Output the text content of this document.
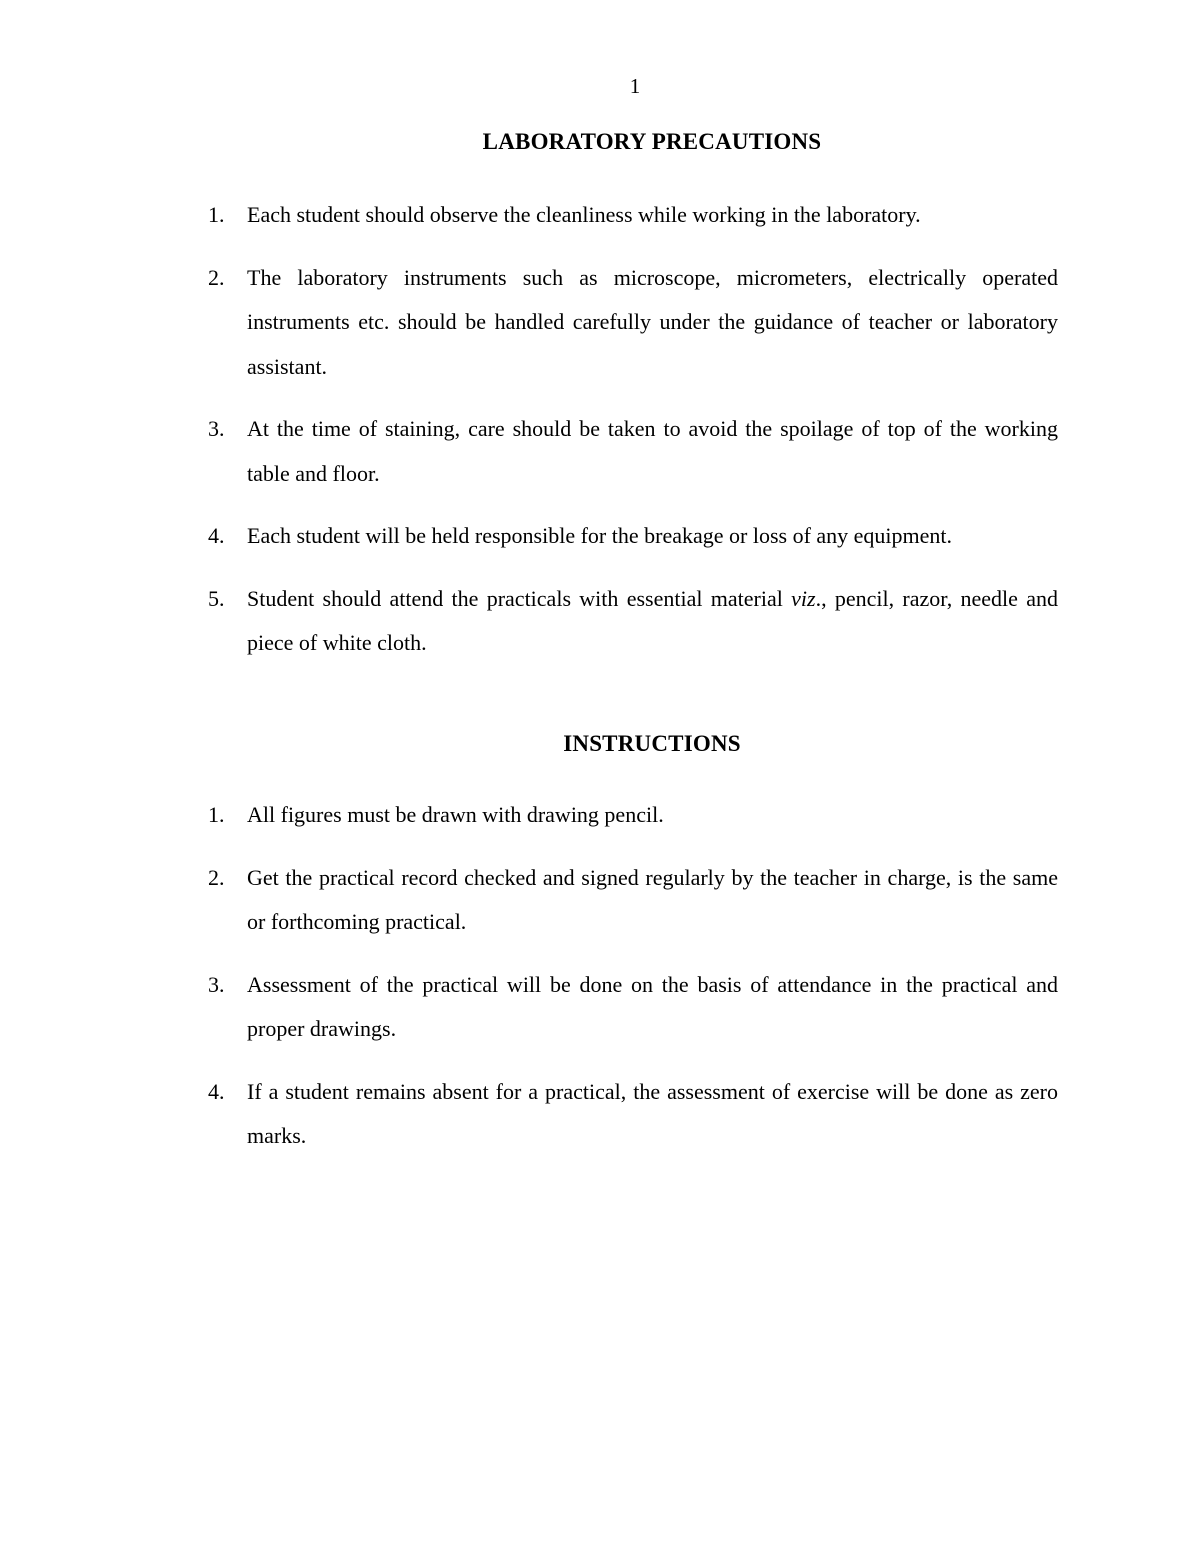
1
LABORATORY PRECAUTIONS
1. Each student should observe the cleanliness while working in the laboratory.
2. The laboratory instruments such as microscope, micrometers, electrically operated instruments etc. should be handled carefully under the guidance of teacher or laboratory assistant.
3. At the time of staining, care should be taken to avoid the spoilage of top of the working table and floor.
4. Each student will be held responsible for the breakage or loss of any equipment.
5. Student should attend the practicals with essential material viz., pencil, razor, needle and piece of white cloth.
INSTRUCTIONS
1. All figures must be drawn with drawing pencil.
2. Get the practical record checked and signed regularly by the teacher in charge, is the same or forthcoming practical.
3. Assessment of the practical will be done on the basis of attendance in the practical and proper drawings.
4. If a student remains absent for a practical, the assessment of exercise will be done as zero marks.
